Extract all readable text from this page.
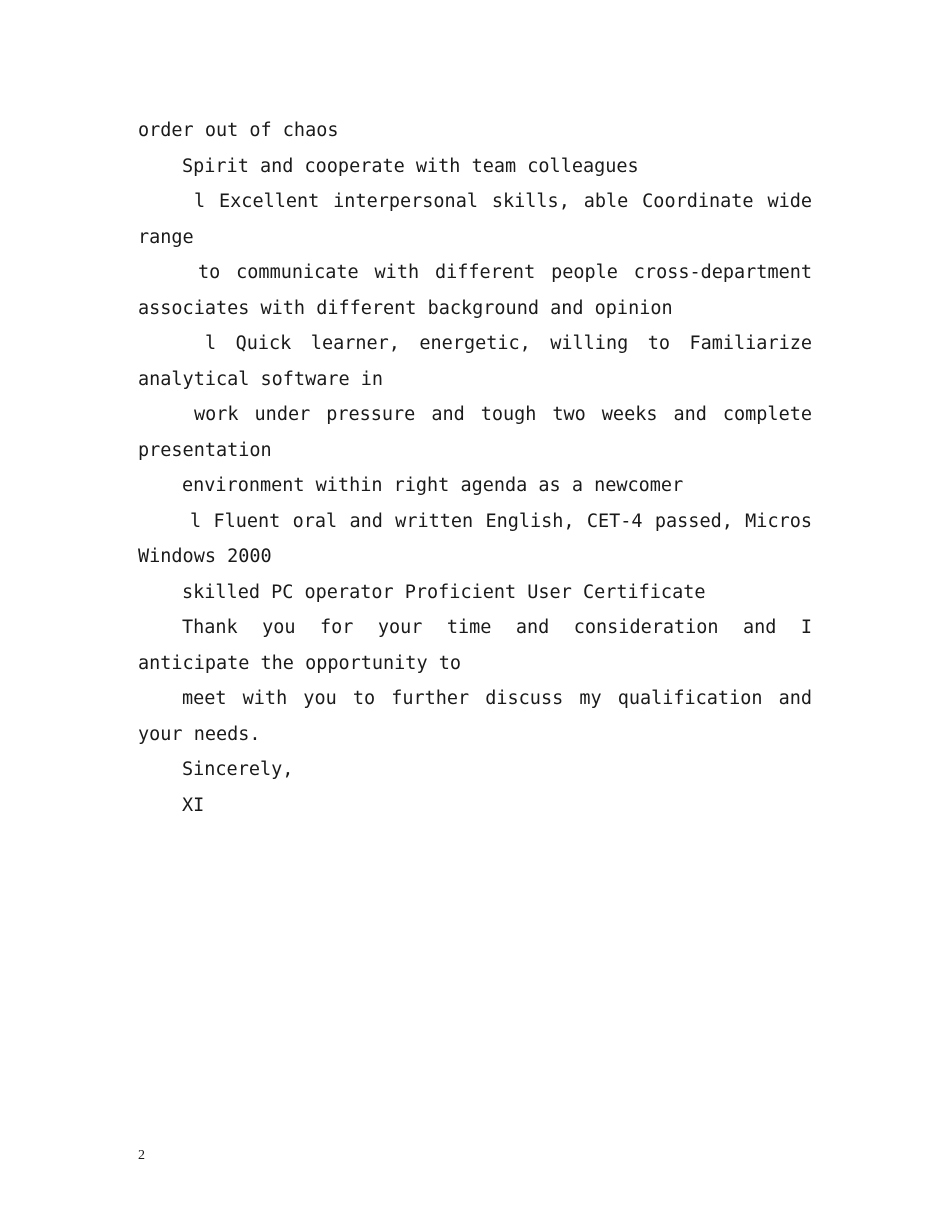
order out of chaos

Spirit and cooperate with team colleagues

l Excellent interpersonal skills, able Coordinate wide range

to communicate with different people cross-department associates with different background and opinion

l Quick learner, energetic, willing to Familiarize analytical software in

work under pressure and tough two weeks and complete presentation

environment within right agenda as a newcomer

l Fluent oral and written English, CET-4 passed, Micros Windows 2000

skilled PC operator Proficient User Certificate

Thank you for your time and consideration and I anticipate the opportunity to

meet with you to further discuss my qualification and your needs.

Sincerely,

XI

2
